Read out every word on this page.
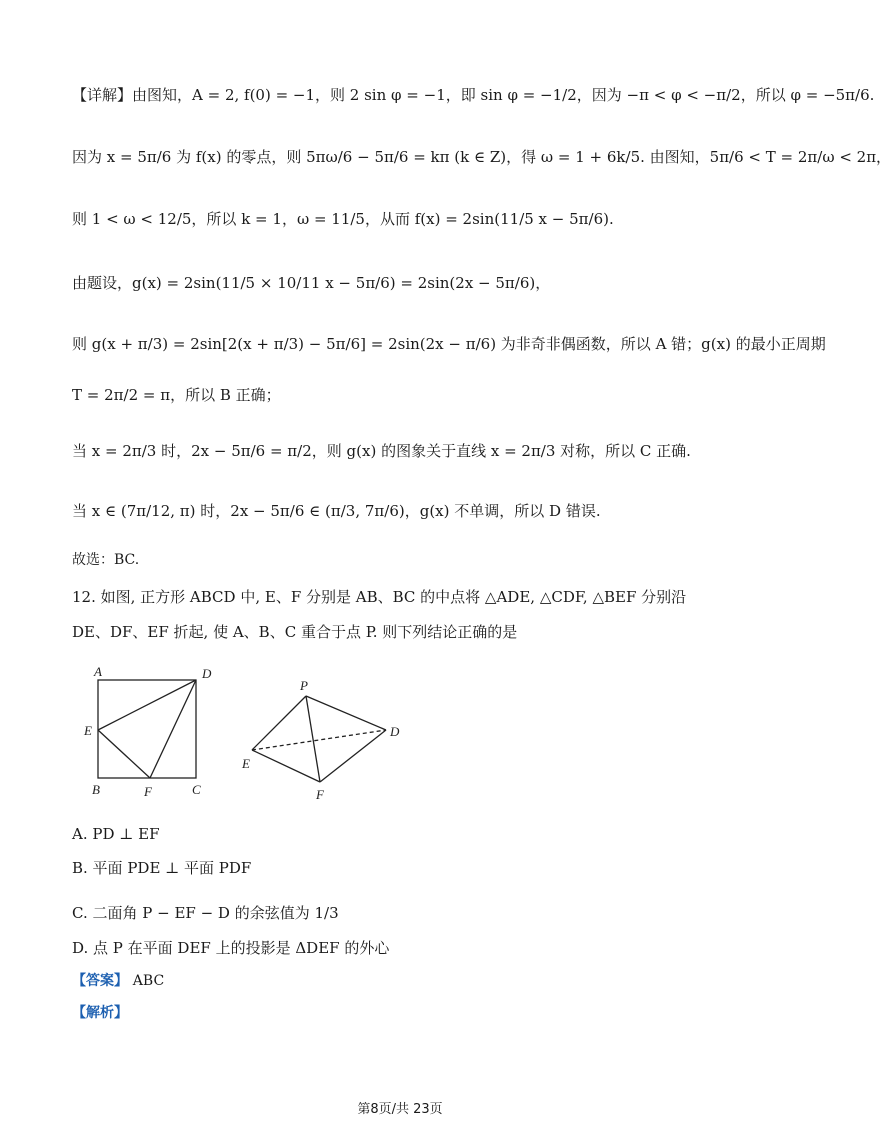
【详解】由图知，A = 2, f(0) = −1，则 2 sin φ = −1，即 sin φ = −1/2，因为 −π < φ < −π/2，所以 φ = −5π/6.
因为 x = 5π/6 为 f(x) 的零点，则 5πω/6 − 5π/6 = kπ (k ∈ Z)，得 ω = 1 + 6k/5. 由图知，5π/6 < T = 2π/ω < 2π，
则 1 < ω < 12/5，所以 k = 1，ω = 11/5，从而 f(x) = 2sin(11/5 x − 5π/6).
由题设，g(x) = 2sin(11/5 × 10/11 x − 5π/6) = 2sin(2x − 5π/6)，
则 g(x + π/3) = 2sin[2(x + π/3) − 5π/6] = 2sin(2x − π/6) 为非奇非偶函数，所以 A 错；g(x) 的最小正周期
T = 2π/2 = π，所以 B 正确；
当 x = 2π/3 时，2x − 5π/6 = π/2，则 g(x) 的图象关于直线 x = 2π/3 对称，所以 C 正确.
当 x ∈ (7π/12, π) 时，2x − 5π/6 ∈ (π/3, 7π/6)，g(x) 不单调，所以 D 错误.
故选：BC.
12. 如图, 正方形 ABCD 中, E、F 分别是 AB、BC 的中点将 △ADE, △CDF, △BEF 分别沿
DE、DF、EF 折起, 使 A、B、C 重合于点 P. 则下列结论正确的是
A	D
E
B	F	C
P
D
E
F
A. PD ⊥ EF
B. 平面 PDE ⊥ 平面 PDF
C. 二面角 P − EF − D 的余弦值为 1/3
D. 点 P 在平面 DEF 上的投影是 ΔDEF 的外心
【答案】 ABC
【解析】
第8页/共 23页
